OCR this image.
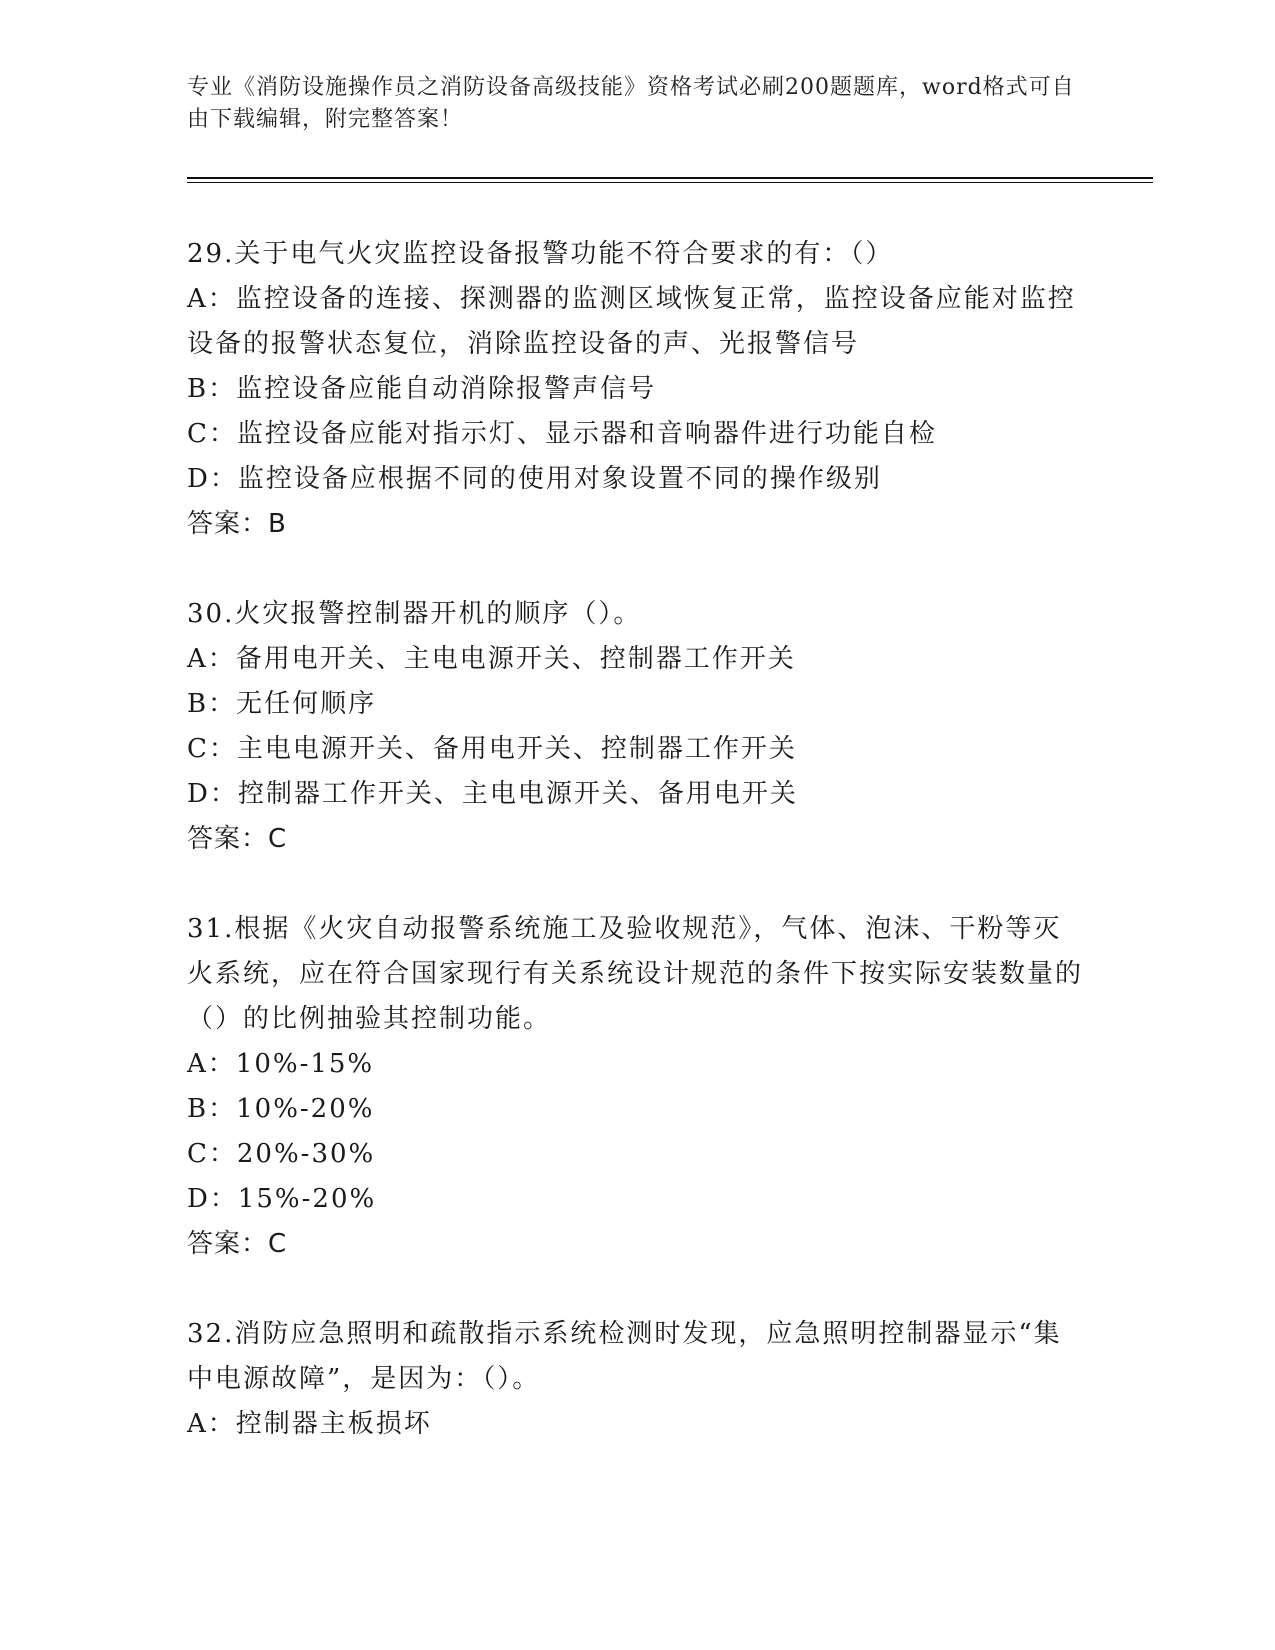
专业《消防设施操作员之消防设备高级技能》资格考试必刷200题题库，word格式可自由下载编辑，附完整答案！
29.关于电气火灾监控设备报警功能不符合要求的有：（）
A：监控设备的连接、探测器的监测区域恢复正常，监控设备应能对监控设备的报警状态复位，消除监控设备的声、光报警信号
B：监控设备应能自动消除报警声信号
C：监控设备应能对指示灯、显示器和音响器件进行功能自检
D：监控设备应根据不同的使用对象设置不同的操作级别
答案：B
30.火灾报警控制器开机的顺序（）。
A：备用电开关、主电电源开关、控制器工作开关
B：无任何顺序
C：主电电源开关、备用电开关、控制器工作开关
D：控制器工作开关、主电电源开关、备用电开关
答案：C
31.根据《火灾自动报警系统施工及验收规范》，气体、泡沫、干粉等灭火系统，应在符合国家现行有关系统设计规范的条件下按实际安装数量的（）的比例抽验其控制功能。
A：10%-15%
B：10%-20%
C：20%-30%
D：15%-20%
答案：C
32.消防应急照明和疏散指示系统检测时发现，应急照明控制器显示“集中电源故障”，是因为：（）。
A：控制器主板损坏
